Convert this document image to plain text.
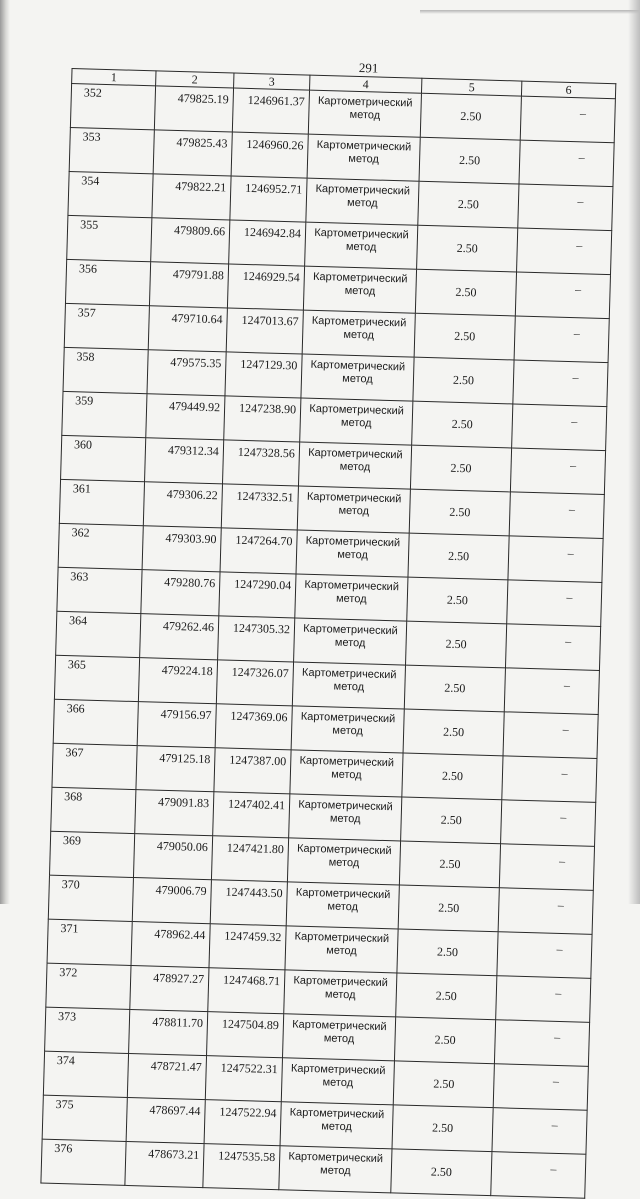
291
1	2	3	4	5	6
352	479825.19	1246961.37	Картометрический
метод	2.50	–
353	479825.43	1246960.26	Картометрический
метод	2.50	–
354	479822.21	1246952.71	Картометрический
метод	2.50	–
355	479809.66	1246942.84	Картометрический
метод	2.50	–
356	479791.88	1246929.54	Картометрический
метод	2.50	–
357	479710.64	1247013.67	Картометрический
метод	2.50	–
358	479575.35	1247129.30	Картометрический
метод	2.50	–
359	479449.92	1247238.90	Картометрический
метод	2.50	–
360	479312.34	1247328.56	Картометрический
метод	2.50	–
361	479306.22	1247332.51	Картометрический
метод	2.50	–
362	479303.90	1247264.70	Картометрический
метод	2.50	–
363	479280.76	1247290.04	Картометрический
метод	2.50	–
364	479262.46	1247305.32	Картометрический
метод	2.50	–
365	479224.18	1247326.07	Картометрический
метод	2.50	–
366	479156.97	1247369.06	Картометрический
метод	2.50	–
367	479125.18	1247387.00	Картометрический
метод	2.50	–
368	479091.83	1247402.41	Картометрический
метод	2.50	–
369	479050.06	1247421.80	Картометрический
метод	2.50	–
370	479006.79	1247443.50	Картометрический
метод	2.50	–
371	478962.44	1247459.32	Картометрический
метод	2.50	–
372	478927.27	1247468.71	Картометрический
метод	2.50	–
373	478811.70	1247504.89	Картометрический
метод	2.50	–
374	478721.47	1247522.31	Картометрический
метод	2.50	–
375	478697.44	1247522.94	Картометрический
метод	2.50	–
376	478673.21	1247535.58	Картометрический
метод	2.50	–
